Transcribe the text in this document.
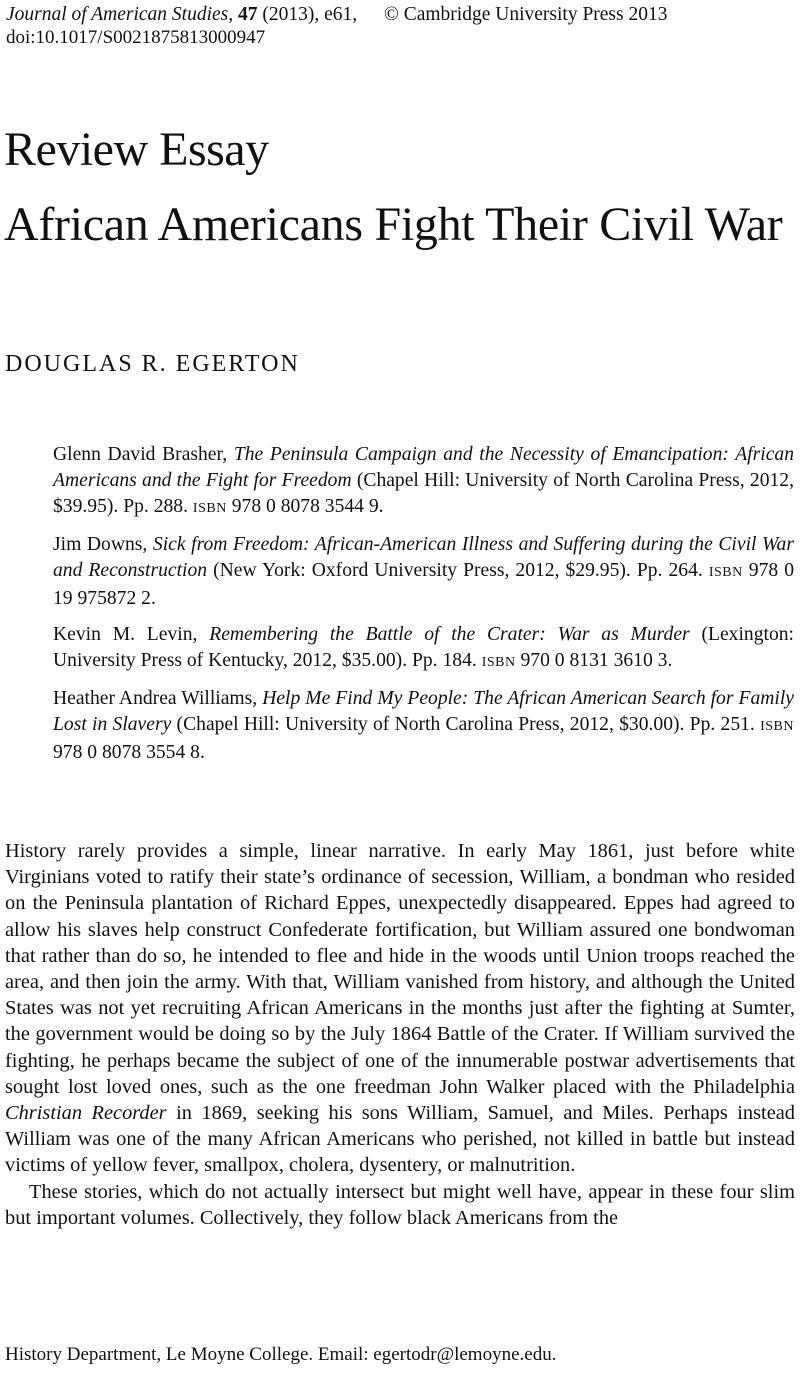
Journal of American Studies, 47 (2013), e61, © Cambridge University Press 2013
doi:10.1017/S0021875813000947
Review Essay
African Americans Fight Their Civil War
DOUGLAS R. EGERTON

Glenn David Brasher, The Peninsula Campaign and the Necessity of Emancipation: African Americans and the Fight for Freedom (Chapel Hill: University of North Carolina Press, 2012, $39.95). Pp. 288. ISBN 978 0 8078 3544 9.

Jim Downs, Sick from Freedom: African-American Illness and Suffering during the Civil War and Reconstruction (New York: Oxford University Press, 2012, $29.95). Pp. 264. ISBN 978 0 19 975872 2.

Kevin M. Levin, Remembering the Battle of the Crater: War as Murder (Lexington: University Press of Kentucky, 2012, $35.00). Pp. 184. ISBN 970 0 8131 3610 3.

Heather Andrea Williams, Help Me Find My People: The African American Search for Family Lost in Slavery (Chapel Hill: University of North Carolina Press, 2012, $30.00). Pp. 251. ISBN 978 0 8078 3554 8.

History rarely provides a simple, linear narrative. In early May 1861, just before white Virginians voted to ratify their state’s ordinance of secession, William, a bondman who resided on the Peninsula plantation of Richard Eppes, unexpectedly disappeared. Eppes had agreed to allow his slaves help construct Confederate fortification, but William assured one bondwoman that rather than do so, he intended to flee and hide in the woods until Union troops reached the area, and then join the army. With that, William vanished from history, and although the United States was not yet recruiting African Americans in the months just after the fighting at Sumter, the government would be doing so by the July 1864 Battle of the Crater. If William survived the fighting, he perhaps became the subject of one of the innumerable postwar advertisements that sought lost loved ones, such as the one freedman John Walker placed with the Philadelphia Christian Recorder in 1869, seeking his sons William, Samuel, and Miles. Perhaps instead William was one of the many African Americans who perished, not killed in battle but instead victims of yellow fever, smallpox, cholera, dysentery, or malnutrition.

These stories, which do not actually intersect but might well have, appear in these four slim but important volumes. Collectively, they follow black Americans from the

History Department, Le Moyne College. Email: egertodr@lemoyne.edu.
